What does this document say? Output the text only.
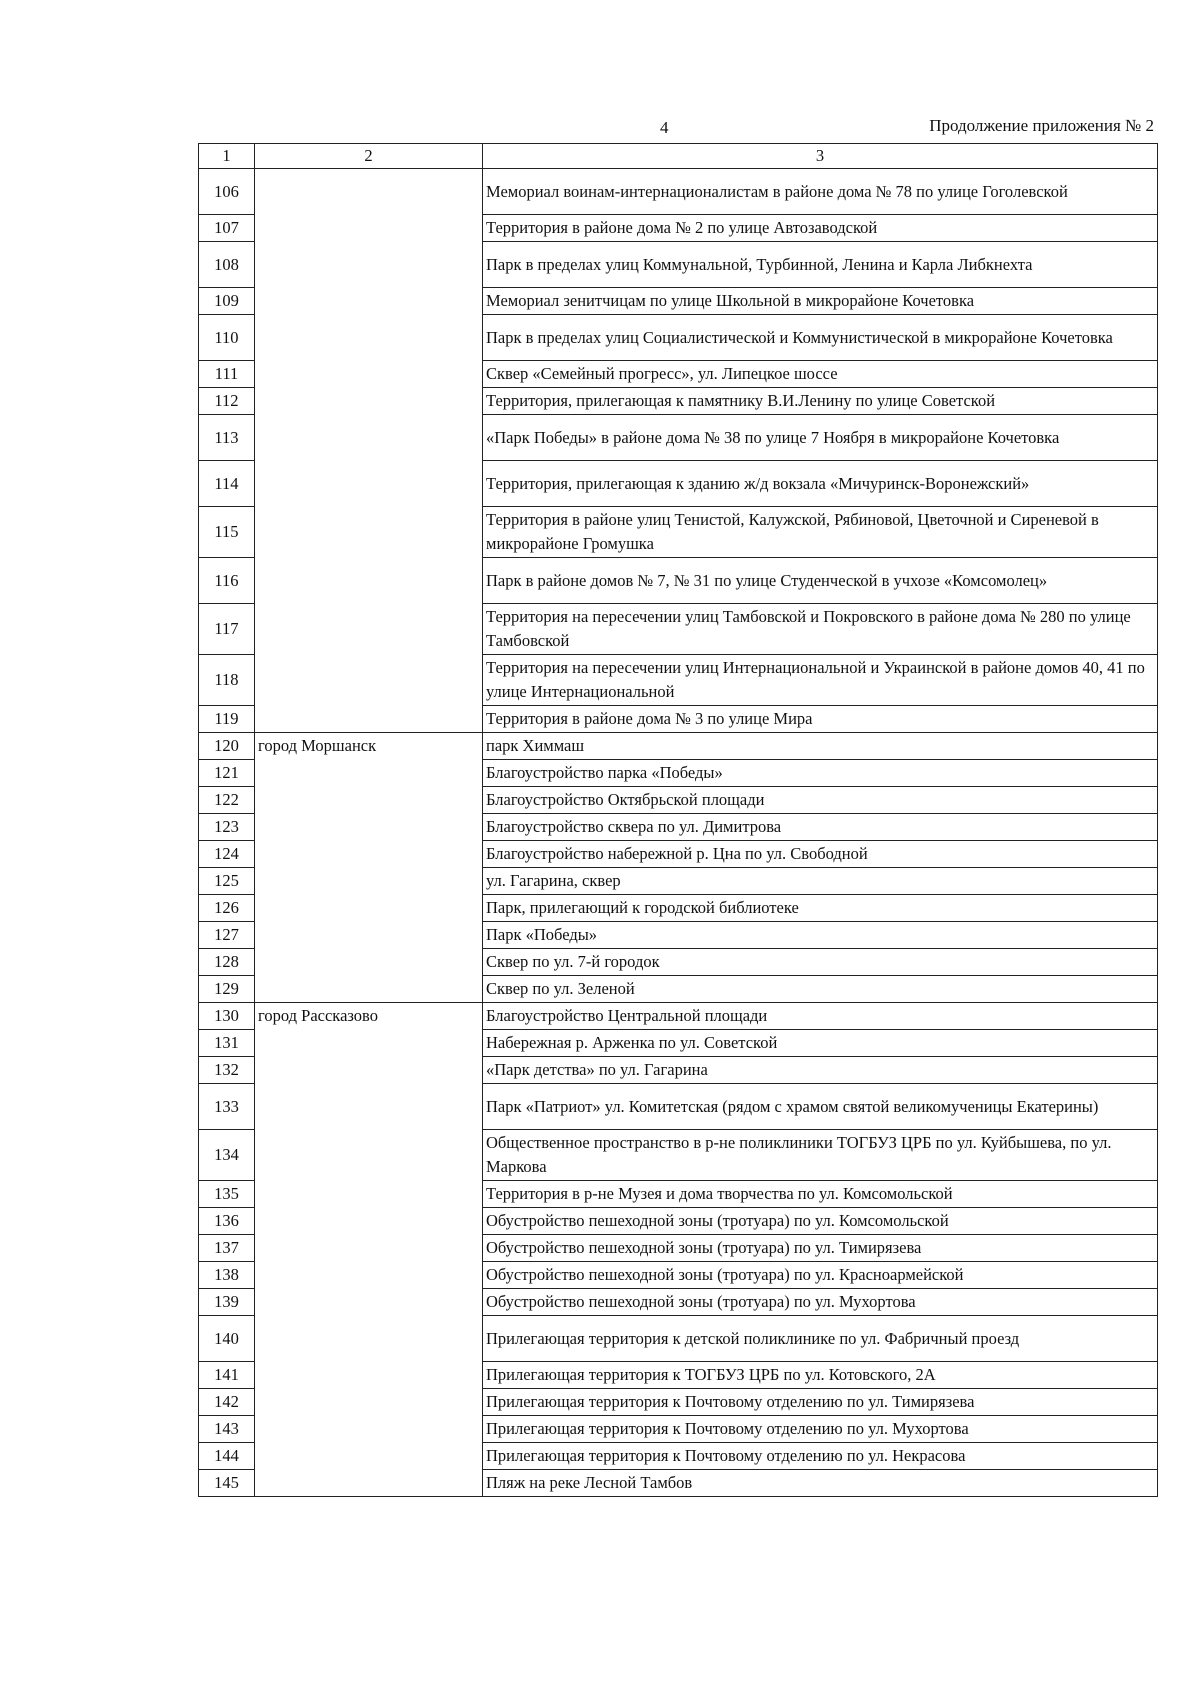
4	Продолжение приложения № 2
1	2	3
106		Мемориал воинам-интернационалистам в районе дома № 78 по улице Гоголевской
107		Территория в районе дома № 2 по улице Автозаводской
108		Парк в пределах улиц Коммунальной, Турбинной, Ленина и Карла Либкнехта
109		Мемориал зенитчицам по улице Школьной в микрорайоне Кочетовка
110		Парк в пределах улиц Социалистической и Коммунистической в микрорайоне Кочетовка
111		Сквер «Семейный прогресс», ул. Липецкое шоссе
112		Территория, прилегающая к памятнику В.И.Ленину по улице Советской
113		«Парк Победы» в районе дома № 38 по улице 7 Ноября в микрорайоне Кочетовка
114		Территория, прилегающая к зданию ж/д вокзала «Мичуринск-Воронежский»
115		Территория в районе улиц Тенистой, Калужской, Рябиновой, Цветочной и Сиреневой в микрорайоне Громушка
116		Парк в районе домов № 7, № 31 по улице Студенческой в учхозе «Комсомолец»
117		Территория на пересечении улиц Тамбовской и Покровского в районе дома № 280 по улице Тамбовской
118		Территория на пересечении улиц Интернациональной и Украинской в районе домов 40, 41 по улице Интернациональной
119		Территория в районе дома № 3 по улице Мира
120	город Моршанск	парк Химмаш
121		Благоустройство парка «Победы»
122		Благоустройство Октябрьской площади
123		Благоустройство сквера по ул. Димитрова
124		Благоустройство набережной р. Цна по ул. Свободной
125		ул. Гагарина, сквер
126		Парк, прилегающий к городской библиотеке
127		Парк «Победы»
128		Сквер по ул. 7-й городок
129		Сквер по ул. Зеленой
130	город Рассказово	Благоустройство Центральной площади
131		Набережная р. Арженка по ул. Советской
132		«Парк детства» по ул. Гагарина
133		Парк «Патриот» ул. Комитетская (рядом с храмом святой великомученицы Екатерины)
134		Общественное пространство в р-не поликлиники ТОГБУЗ ЦРБ по ул. Куйбышева, по ул. Маркова
135		Территория в р-не Музея и дома творчества по ул. Комсомольской
136		Обустройство пешеходной зоны (тротуара) по ул. Комсомольской
137		Обустройство пешеходной зоны (тротуара) по ул. Тимирязева
138		Обустройство пешеходной зоны (тротуара) по ул. Красноармейской
139		Обустройство пешеходной зоны (тротуара) по ул. Мухортова
140		Прилегающая территория к детской поликлинике по ул. Фабричный проезд
141		Прилегающая территория к ТОГБУЗ ЦРБ по ул. Котовского, 2А
142		Прилегающая территория к Почтовому отделению по ул. Тимирязева
143		Прилегающая территория к Почтовому отделению по ул. Мухортова
144		Прилегающая территория к Почтовому отделению по ул. Некрасова
145		Пляж на реке Лесной Тамбов
